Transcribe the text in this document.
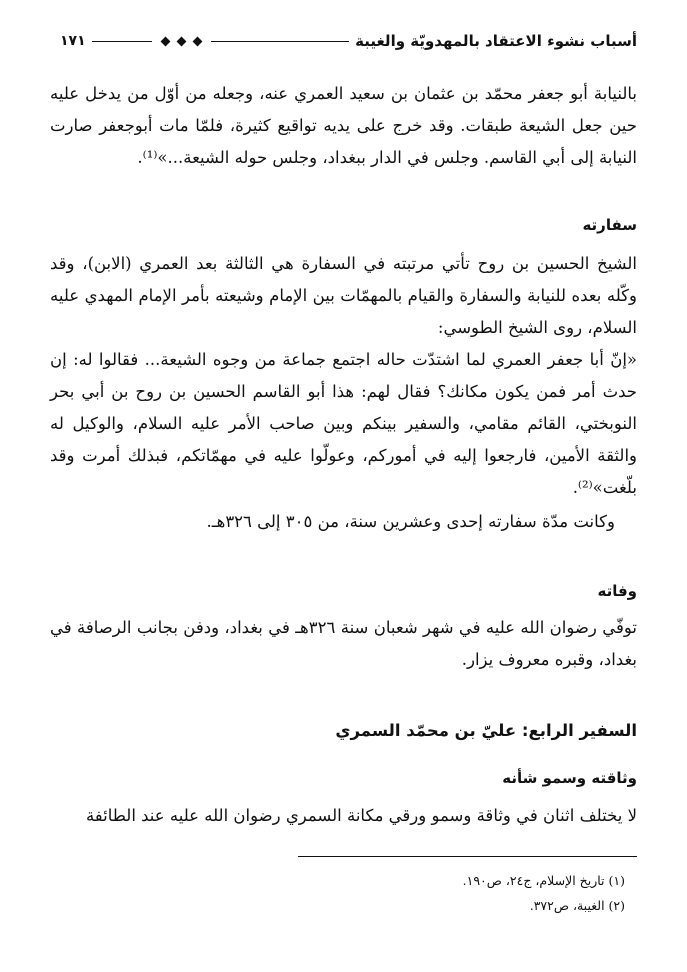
أسباب نشوء الاعتقاد بالمهدويّة والغيبة
١٧١

بالنيابة أبو جعفر محمّد بن عثمان بن سعيد العمري عنه، وجعله من أوّل من يدخل عليه حين جعل الشيعة طبقات. وقد خرج على يديه تواقيع كثيرة، فلمّا مات أبوجعفر صارت النيابة إلى أبي القاسم. وجلس في الدار ببغداد، وجلس حوله الشيعة...»⁽¹⁾.

سفارته

الشيخ الحسين بن روح تأتي مرتبته في السفارة هي الثالثة بعد العمري (الابن)، وقد وكّله بعده للنيابة والسفارة والقيام بالمهمّات بين الإمام وشيعته بأمر الإمام المهدي عليه السلام، روى الشيخ الطوسي:

«إنّ أبا جعفر العمري لما اشتدّت حاله اجتمع جماعة من وجوه الشيعة... فقالوا له: إن حدث أمر فمن يكون مكانك؟ فقال لهم: هذا أبو القاسم الحسين بن روح بن أبي بحر النوبختي، القائم مقامي، والسفير بينكم وبين صاحب الأمر عليه السلام، والوكيل له والثقة الأمين، فارجعوا إليه في أموركم، وعولّوا عليه في مهمّاتكم، فبذلك أمرت وقد بلّغت»⁽²⁾.

وكانت مدّة سفارته إحدى وعشرين سنة، من ٣٠٥ إلى ٣٢٦هـ.

وفاته

توفّي رضوان الله عليه في شهر شعبان سنة ٣٢٦هـ في بغداد، ودفن بجانب الرصافة في بغداد، وقبره معروف يزار.

السفير الرابع: عليّ بن محمّد السمري

وثاقته وسمو شأنه

لا يختلف اثنان في وثاقة وسمو ورقي مكانة السمري رضوان الله عليه عند الطائفة

(١) تاريخ الإسلام، ج٢٤، ص١٩٠.

(٢) الغيبة، ص٣٧٢.
